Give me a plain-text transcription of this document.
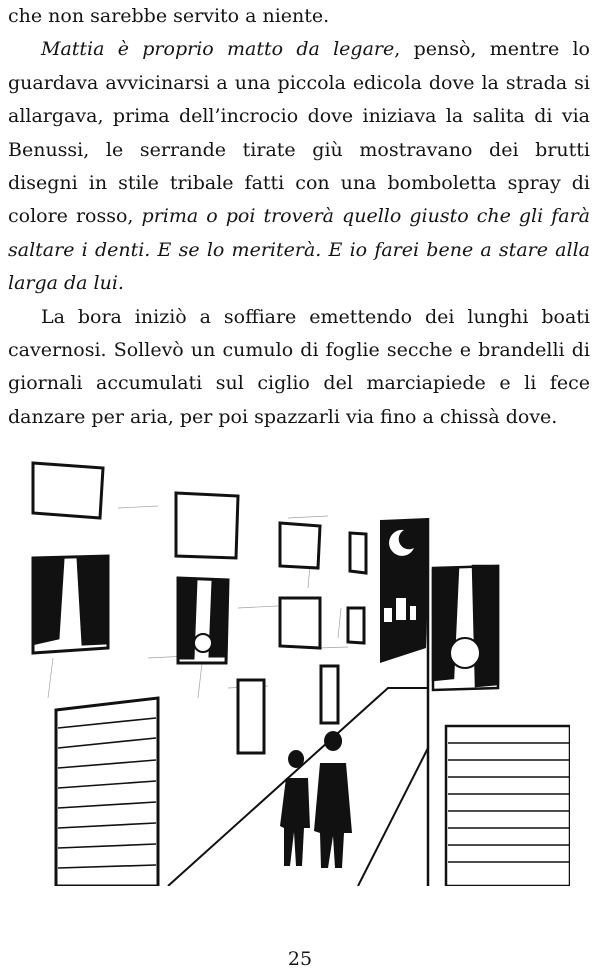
che non sarebbe servito a niente.

Mattia è proprio matto da legare, pensò, mentre lo guardava avvicinarsi a una piccola edicola dove la strada si allargava, prima dell’incrocio dove iniziava la salita di via Benussi, le serrande tirate giù mostravano dei brutti disegni in stile tribale fatti con una bomboletta spray di colore rosso, prima o poi troverà quello giusto che gli farà saltare i denti. E se lo meriterà. E io farei bene a stare alla larga da lui.

La bora iniziò a soffiare emettendo dei lunghi boati cavernosi. Sollevò un cumulo di foglie secche e brandelli di giornali accumulati sul ciglio del marciapiede e li fece danzare per aria, per poi spazzarli via fino a chissà dove.

25
